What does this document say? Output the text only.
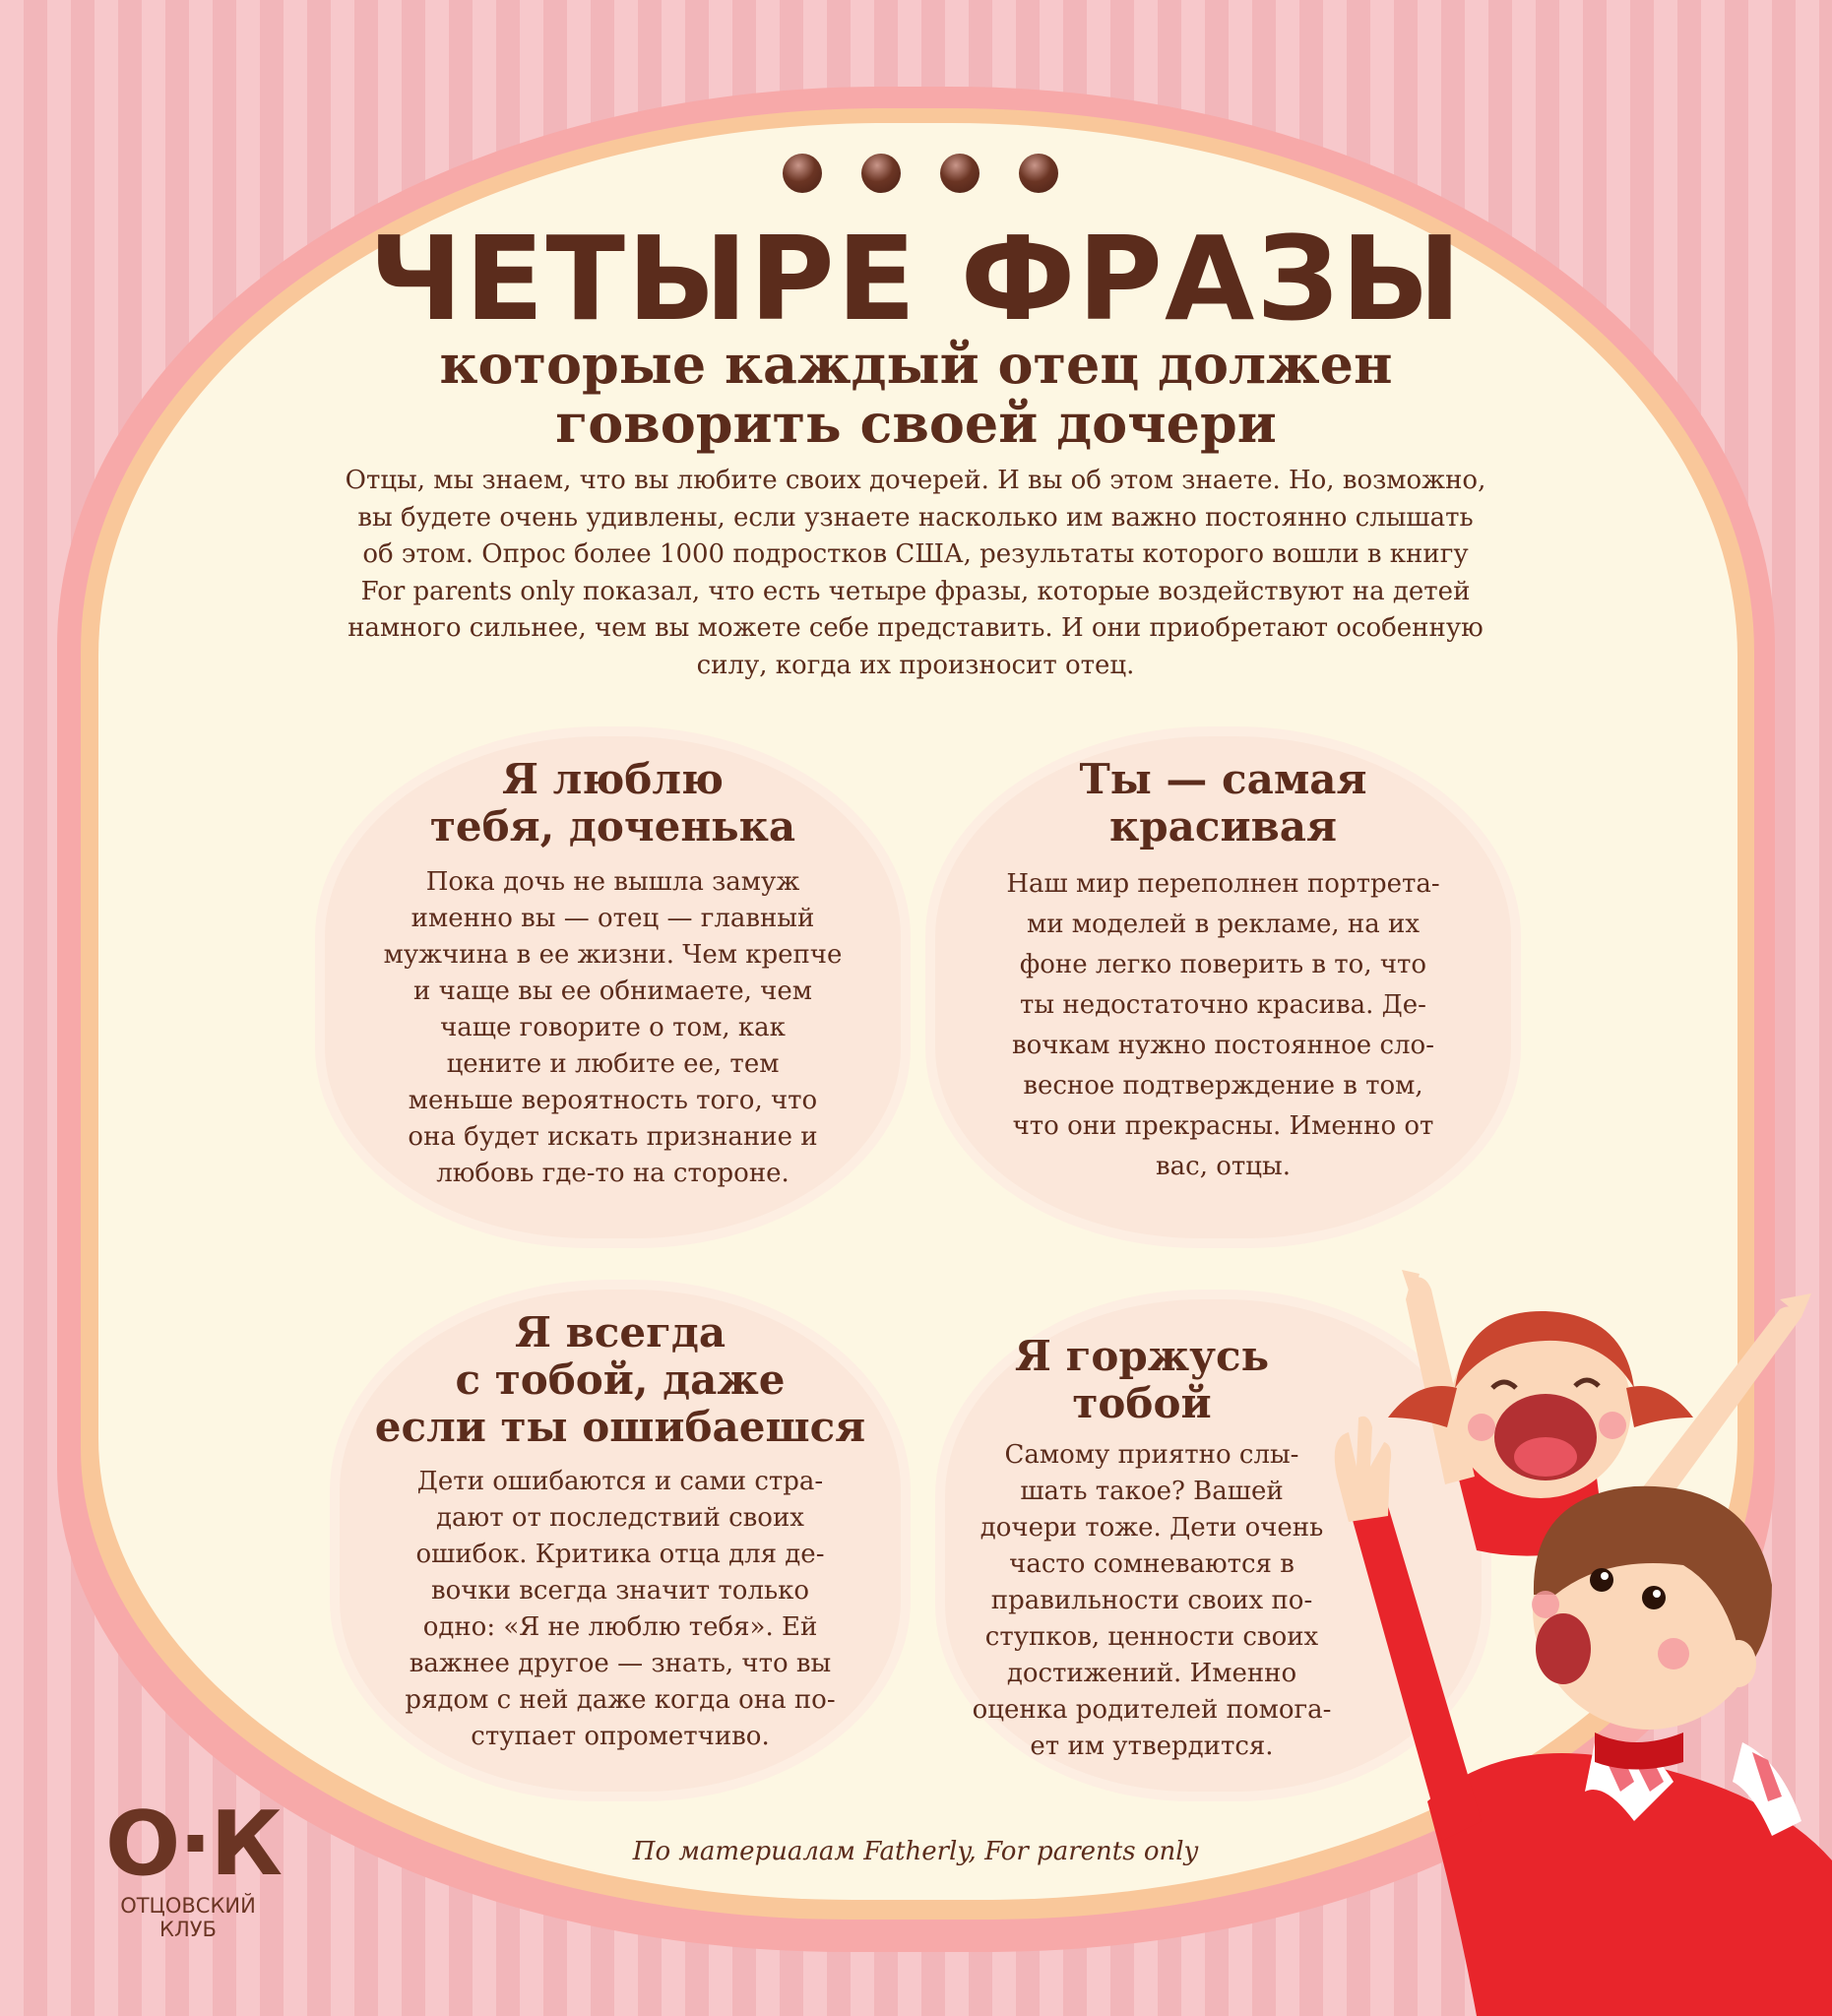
ЧЕТЫРЕ ФРАЗЫ
которые каждый отец должен
говорить своей дочери
Отцы, мы знаем, что вы любите своих дочерей. И вы об этом знаете. Но, возможно,
вы будете очень удивлены, если узнаете насколько им важно постоянно слышать
об этом. Опрос более 1000 подростков США, результаты которого вошли в книгу
For parents only показал, что есть четыре фразы, которые воздействуют на детей
намного сильнее, чем вы можете себе представить. И они приобретают особенную
силу, когда их произносит отец.
Я люблю
тебя, доченька
Пока дочь не вышла замуж
именно вы — отец — главный
мужчина в ее жизни. Чем крепче
и чаще вы ее обнимаете, чем
чаще говорите о том, как
цените и любите ее, тем
меньше вероятность того, что
она будет искать признание и
любовь где-то на стороне.
Ты — самая
красивая
Наш мир переполнен портрета-
ми моделей в рекламе, на их
фоне легко поверить в то, что
ты недостаточно красива. Де-
вочкам нужно постоянное сло-
весное подтверждение в том,
что они прекрасны. Именно от
вас, отцы.
Я всегда
с тобой, даже
если ты ошибаешся
Дети ошибаются и сами стра-
дают от последствий своих
ошибок. Критика отца для де-
вочки всегда значит только
одно: «Я не люблю тебя». Ей
важнее другое — знать, что вы
рядом с ней даже когда она по-
ступает опрометчиво.
Я горжусь
тобой
Самому приятно слы-
шать такое? Вашей
дочери тоже. Дети очень
часто сомневаются в
правильности своих по-
ступков, ценности своих
достижений. Именно
оценка родителей помога-
ет им утвердится.
О·К
ОТЦОВСКИЙ КЛУБ

По материалам Fatherly, For parents only
